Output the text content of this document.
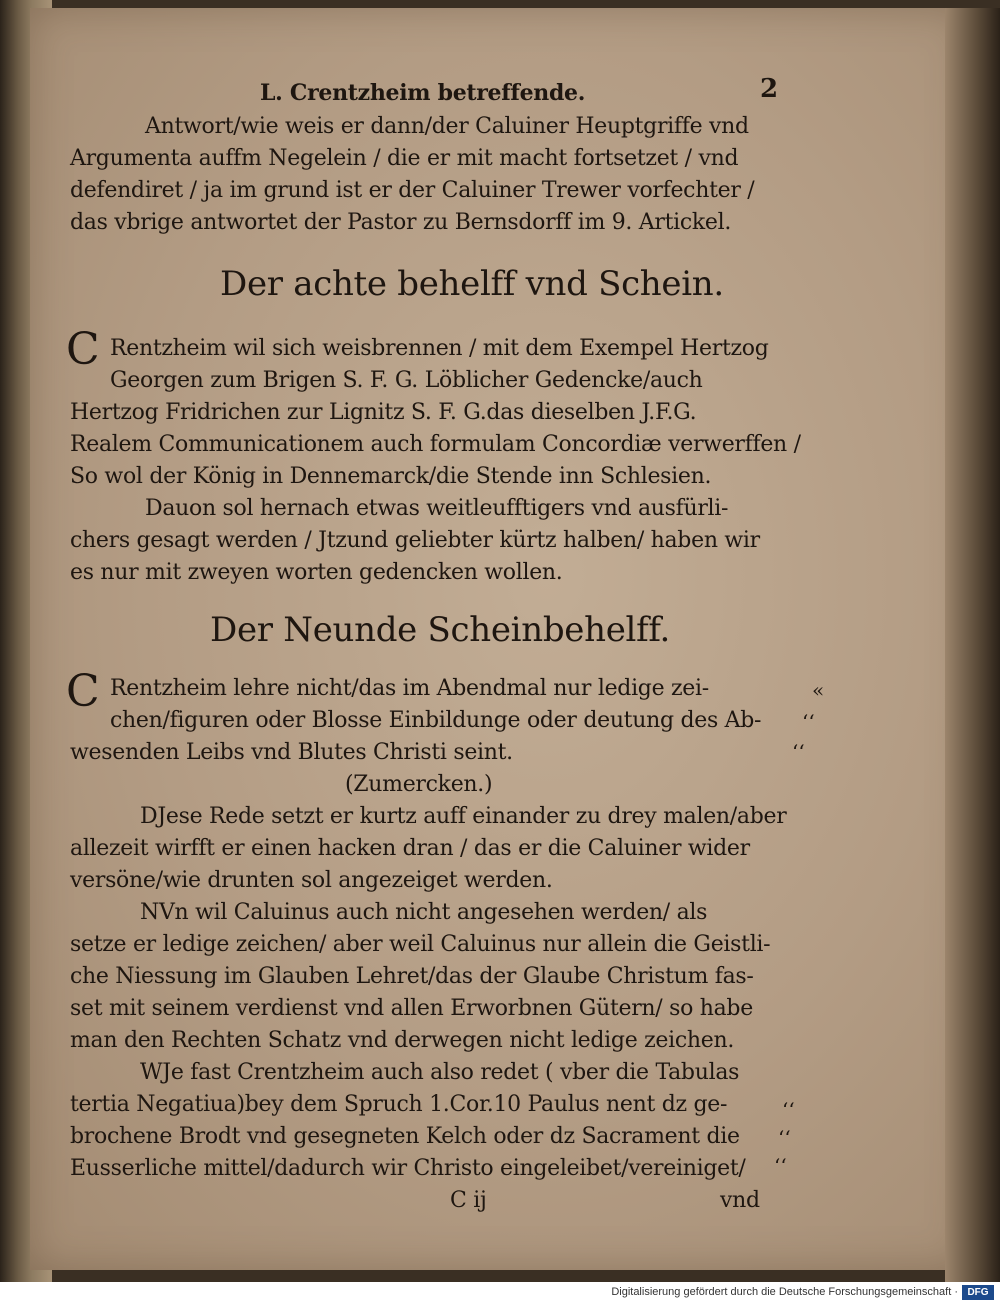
L. Crentzheim betreffende.	2
Antwort/wie weis er dann/der Caluiner Heuptgriffe vnd
Argumenta auffm Negelein / die er mit macht fortsetzet / vnd
defendiret / ja im grund ist er der Caluiner Trewer vorfechter /
das vbrige antwortet der Pastor zu Bernsdorff im 9. Artickel.
Der achte behelff vnd Schein.
C Rentzheim wil sich weisbrennen / mit dem Exempel Hertzog
Georgen zum Brigen S. F. G. Löblicher Gedencke/auch
Hertzog Fridrichen zur Lignitz S. F. G.das dieselben J.F.G.
Realem Communicationem auch formulam Concordiæ verwerffen /
So wol der König in Dennemarck/die Stende inn Schlesien.
Dauon sol hernach etwas weitleufftigers vnd ausfürli-
chers gesagt werden / Jtzund geliebter kürtz halben/ haben wir
es nur mit zweyen worten gedencken wollen.
Der Neunde Scheinbehelff.
C Rentzheim lehre nicht/das im Abendmal nur ledige zei-
chen/figuren oder Blosse Einbildunge oder deutung des Ab-
wesenden Leibs vnd Blutes Christi seint.
(Zumercken.)
DJese Rede setzt er kurtz auff einander zu drey malen/aber
allezeit wirfft er einen hacken dran / das er die Caluiner wider
versöne/wie drunten sol angezeiget werden.
NVn wil Caluinus auch nicht angesehen werden/ als
setze er ledige zeichen/ aber weil Caluinus nur allein die Geistli-
che Niessung im Glauben Lehret/das der Glaube Christum fas-
set mit seinem verdienst vnd allen Erworbnen Gütern/ so habe
man den Rechten Schatz vnd derwegen nicht ledige zeichen.
WJe fast Crentzheim auch also redet ( vber die Tabulas
tertia Negatiua)bey dem Spruch 1.Cor.10 Paulus nent dz ge-
brochene Brodt vnd gesegneten Kelch oder dz Sacrament die
Eusserliche mittel/dadurch wir Christo eingeleibet/vereiniget/
C ij	vnd
«
‘‘
‘‘
‘‘
‘‘
‘‘
Digitalisierung gefördert durch die Deutsche Forschungsgemeinschaft · DFG
